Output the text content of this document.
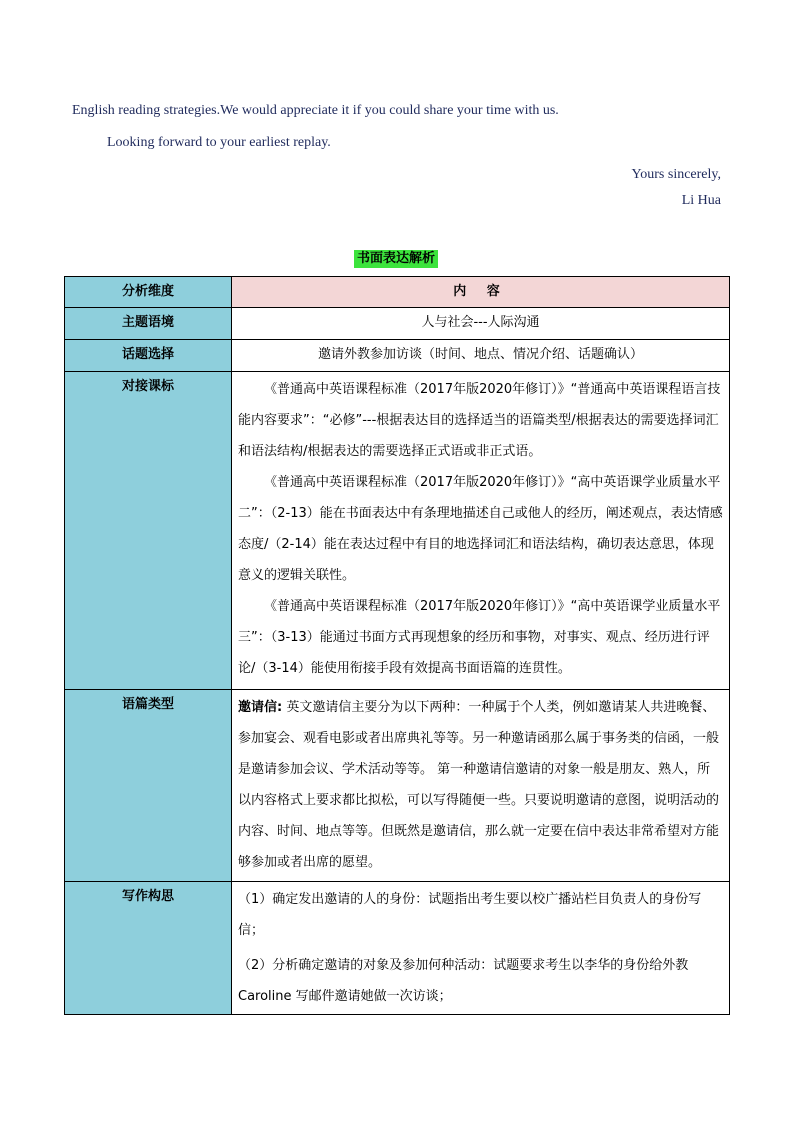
English reading strategies.We would appreciate it if you could share your time with us.
Looking forward to your earliest replay.
Yours sincerely,
Li Hua
书面表达解析
分析维度	内 容

主题语境	人与社会---人际沟通

话题选择	邀请外教参加访谈（时间、地点、情况介绍、话题确认）

对接课标	《普通高中英语课程标准（2017年版2020年修订）》“普通高中英语课程语言技能内容要求”：“必修”---根据表达目的选择适当的语篇类型/根据表达的需要选择词汇和语法结构/根据表达的需要选择正式语或非正式语。
《普通高中英语课程标准（2017年版2020年修订）》“高中英语课学业质量水平二”：（2-13）能在书面表达中有条理地描述自己或他人的经历，阐述观点，表达情感态度/（2-14）能在表达过程中有目的地选择词汇和语法结构，确切表达意思，体现意义的逻辑关联性。
《普通高中英语课程标准（2017年版2020年修订）》“高中英语课学业质量水平三”：（3-13）能通过书面方式再现想象的经历和事物，对事实、观点、经历进行评论/（3-14）能使用衔接手段有效提高书面语篇的连贯性。

语篇类型	邀请信: 英文邀请信主要分为以下两种：一种属于个人类，例如邀请某人共进晚餐、参加宴会、观看电影或者出席典礼等等。另一种邀请函那么属于事务类的信函，一般是邀请参加会议、学术活动等等。 第一种邀请信邀请的对象一般是朋友、熟人，所以内容格式上要求都比拟松，可以写得随便一些。只要说明邀请的意图，说明活动的内容、时间、地点等等。但既然是邀请信，那么就一定要在信中表达非常希望对方能够参加或者出席的愿望。

写作构思	（1）确定发出邀请的人的身份：试题指出考生要以校广播站栏目负责人的身份写信；
（2）分析确定邀请的对象及参加何种活动：试题要求考生以李华的身份给外教Caroline 写邮件邀请她做一次访谈；
